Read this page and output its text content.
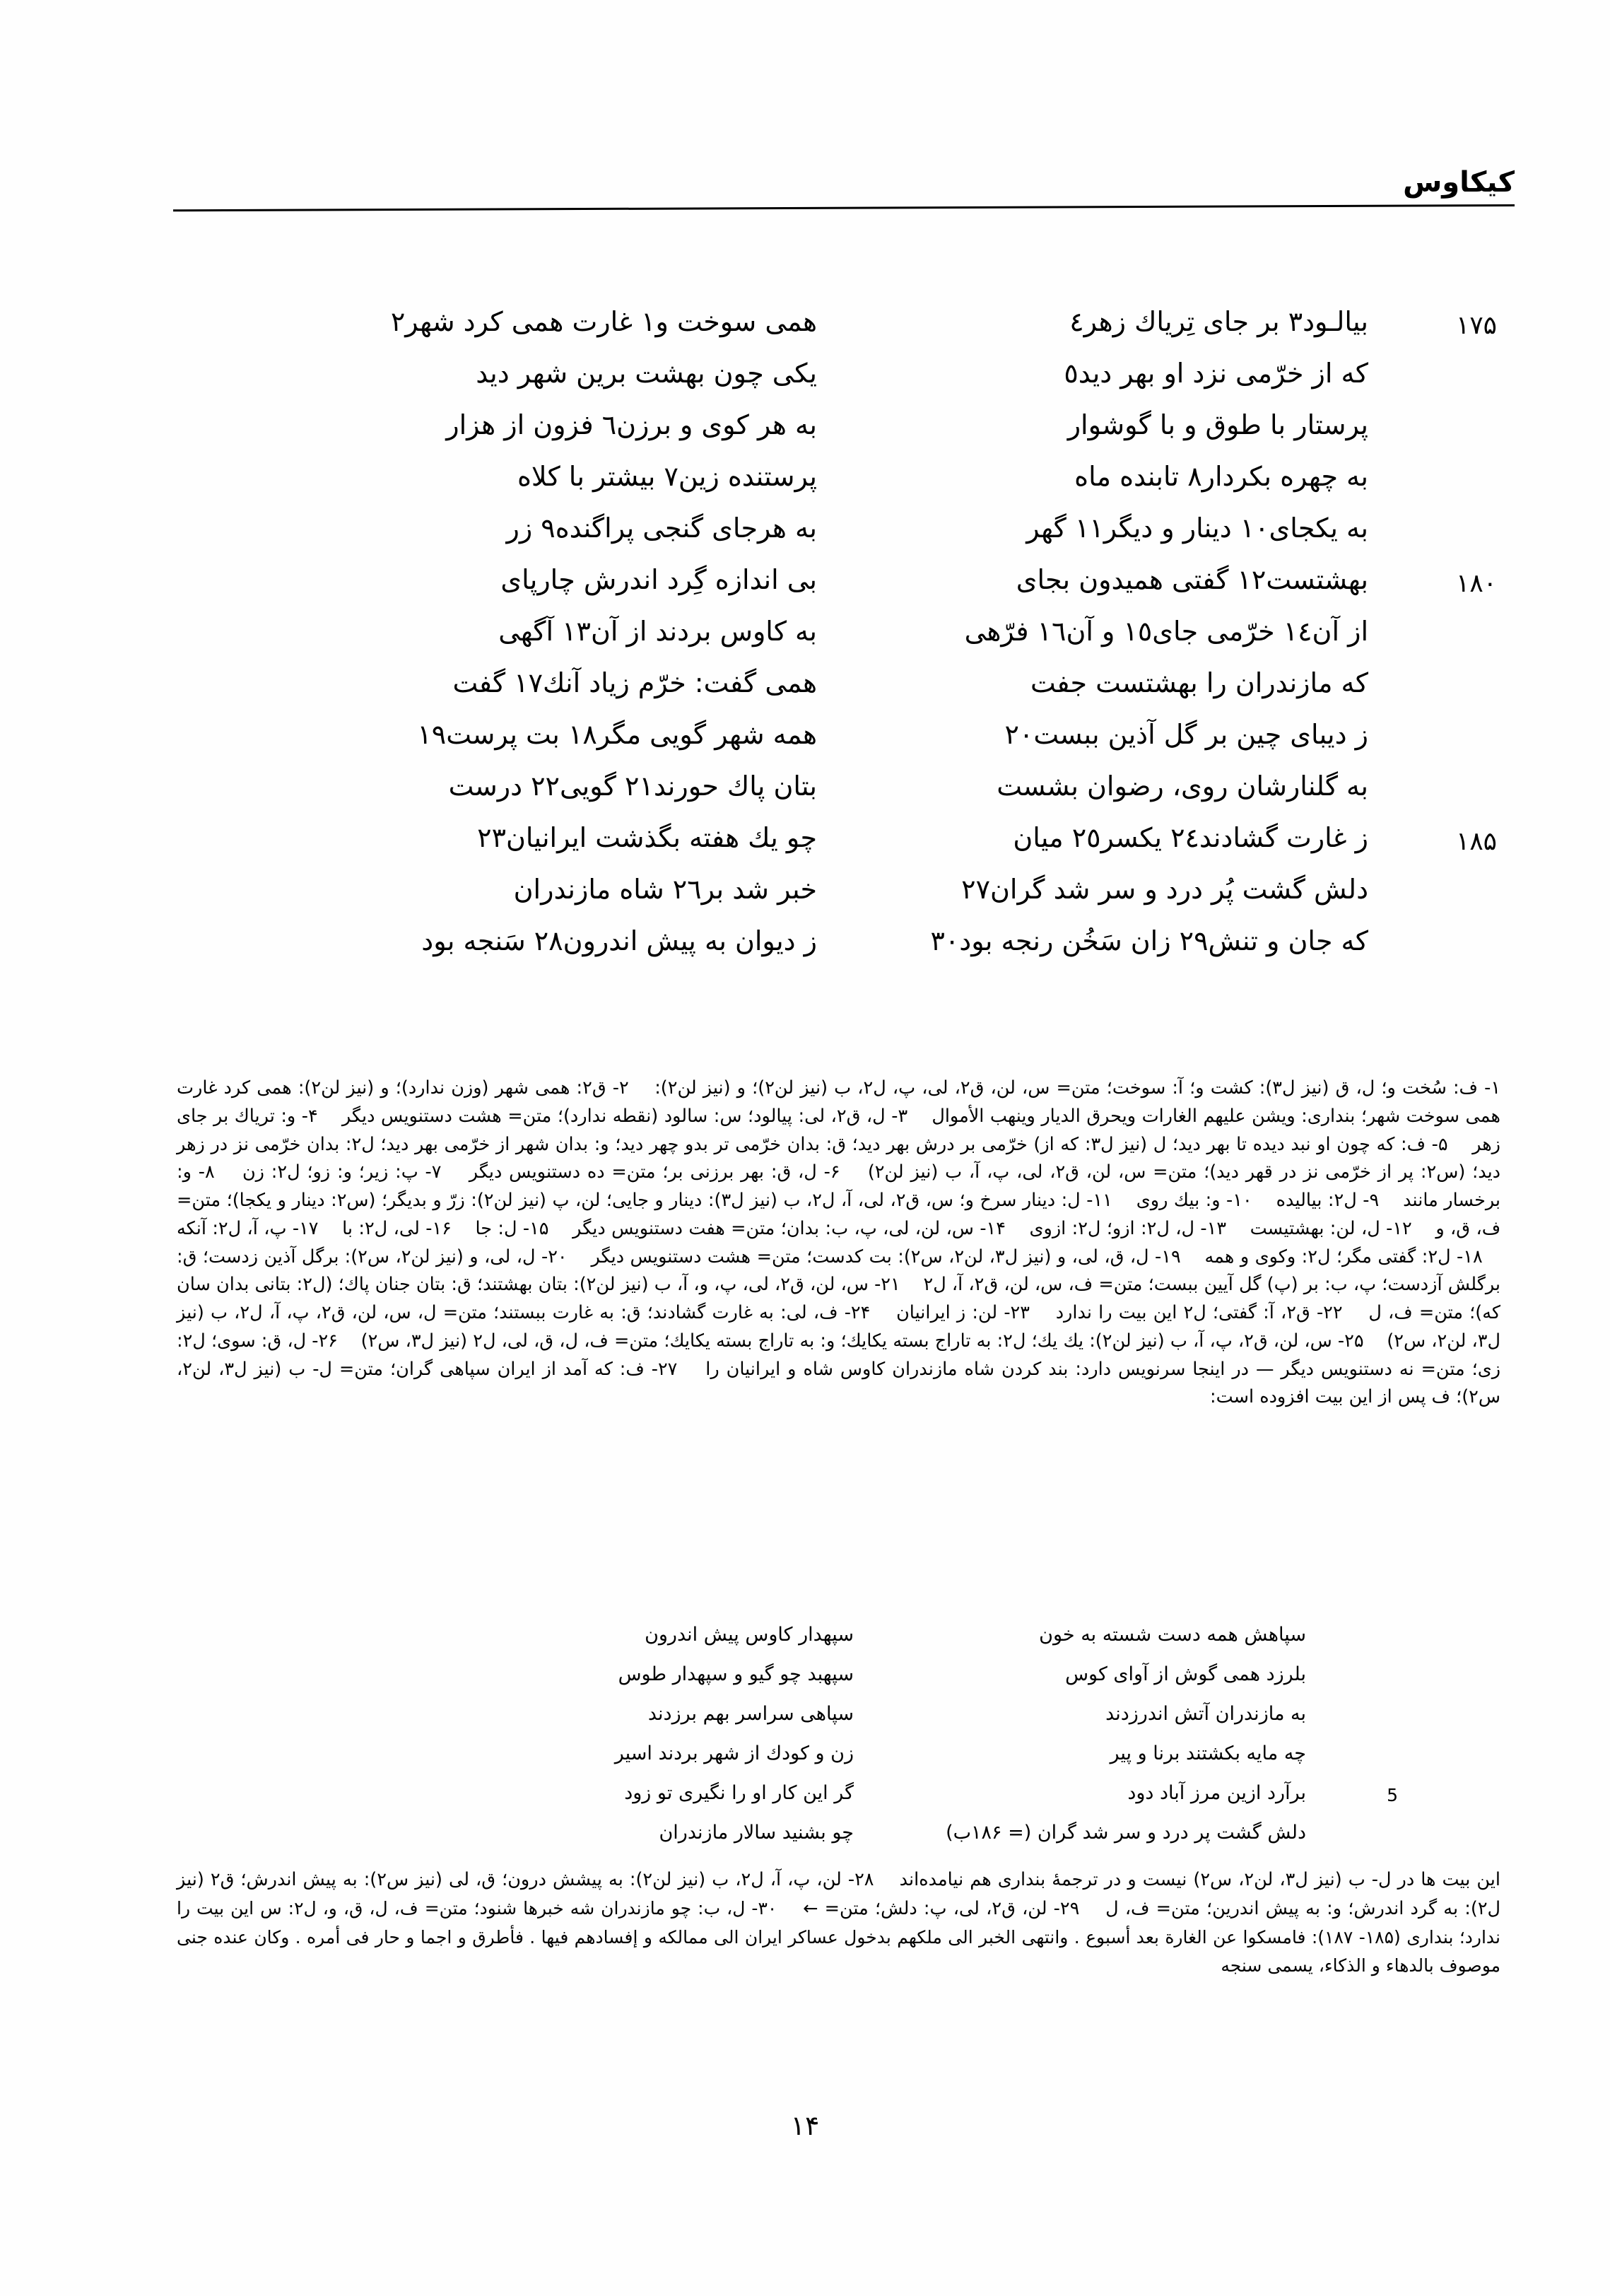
کیکاوس
۱۷۵
بیالـود٣ بر جای تِریاك زهر٤
همی سوخت و١ غارت همی کرد شهر٢
که از خرّمی نزد او بهر دید٥
یکی چون بهشت برین شهر دید
پرستار با طوق و با گوشوار
به هر کوی و برزن٦ فزون از هزار
به چهره بکردار٨ تابنده ماه
پرستنده زین٧ بیشتر با کلاه
به یکجای١٠ دینار و دیگر١١ گهر
به هرجای گنجی پراگنده٩ زر
۱۸۰
بهشتست١٢ گفتی همیدون بجای
بی اندازه گِرد اندرش چارپای
از آن١٤ خرّمی جای١٥ و آن١٦ فرّهی
به کاوس بردند از آن١٣ آگهی
که مازندران را بهشتست جفت
همی گفت: خرّم زیاد آنك١٧ گفت
ز دیبای چین بر گل آذین ببست٢٠
همه شهر گویی مگر١٨ بت پرست١٩
به گلنارشان روی، رضوان بشست
بتان پاك حورند٢١ گویی٢٢ درست
۱۸۵
ز غارت گشادند٢٤ یکسر٢٥ میان
چو یك هفته بگذشت ایرانیان٢٣
دلش گشت پُر درد و سر شد گران٢٧
خبر شد بر٢٦ شاه مازندران
که جان و تنش٢٩ زان سَخُن رنجه بود٣٠
ز دیوان به پیش اندرون٢٨ سَنجه بود
۱- ف: سُخت و؛ ل، ق (نیز ل۳): کشت و؛ آ: سوخت؛ متن= س، لن، ق۲، لی، پ، ل۲، ب (نیز لن۲)؛ و (نیز لن۲):    ۲- ق۲: همی شهر (وزن ندارد)؛ و (نیز لن۲): همی کرد غارت همی سوخت شهر؛ بنداری: ویشن علیهم الغارات ویحرق الدیار وینهب الأموال    ۳- ل، ق۲، لی: پیالود؛ س: سالود (نقطه ندارد)؛ متن= هشت دستنویس دیگر    ۴- و: تریاك بر جای زهر    ۵- ف: که چون او نبد دیده تا بهر دید؛ ل (نیز ل۳: که از) خرّمی بر درش بهر دید؛ ق: بدان خرّمی تر بدو چهر دید؛ و: بدان شهر از خرّمی بهر دید؛ ل۲: بدان خرّمی نز در زهر دید؛ (س۲: پر از خرّمی نز در قهر دید)؛ متن= س، لن، ق۲، لی، پ، آ، ب (نیز لن۲)    ۶- ل، ق: بهر برزنی بر؛ متن= ده دستنویس دیگر    ۷- پ: زیر؛ و: زو؛ ل۲: زن    ۸- و: برخسار مانند    ۹- ل۲: بیالیده    ۱۰- و: بیك روی    ۱۱- ل: دینار سرخ و؛ س، ق۲، لی، آ، ل۲، ب (نیز ل۳): دینار و جایی؛ لن، پ (نیز لن۲): زرّ و بدیگر؛ (س۲: دینار و یكجا)؛ متن= ف، ق، و    ۱۲- ل، لن: بهشتیست    ۱۳- ل، ل۲: ازو؛ ل۲: ازوی    ۱۴- س، لن، لی، پ، ب: بدان؛ متن= هفت دستنویس دیگر    ۱۵- ل: جا    ۱۶- لی، ل۲: با    ۱۷- پ، آ، ل۲: آنکه    ۱۸- ل۲: گفتی مگر؛ ل۲: وکوی و همه    ۱۹- ل، ق، لی، و (نیز ل۳، لن۲، س۲): بت کدست؛ متن= هشت دستنویس دیگر    ۲۰- ل، لی، و (نیز لن۲، س۲): برگل آذین زدست؛ ق: برگلش آزدست؛ پ، ب: بر (پ) گل آیین ببست؛ متن= ف، س، لن، ق۲، آ، ل۲    ۲۱- س، لن، ق۲، لی، پ، و، آ، ب (نیز لن۲): بتان بهشتند؛ ق: بتان جنان پاك؛ (ل۲: بتانی بدان سان که)؛ متن= ف، ل    ۲۲- ق۲، آ: گفتی؛ ل۲ این بیت را ندارد    ۲۳- لن: ز ایرانیان    ۲۴- ف، لی: به غارت گشادند؛ ق: به غارت ببستند؛ متن= ل، س، لن، ق۲، پ، آ، ل۲، ب (نیز ل۳، لن۲، س۲)    ۲۵- س، لن، ق۲، پ، آ، ب (نیز لن۲): یك یك؛ ل۲: به تاراج بسته یكایك؛ و: به تاراج بسته یكایك؛ متن= ف، ل، ق، لی، ل۲ (نیز ل۳، س۲)    ۲۶- ل، ق: سوی؛ ل۲: زی؛ متن= نه دستنویس دیگر — در اینجا سرنویس دارد: بند کردن شاه مازندران کاوس شاه و ایرانیان را    ۲۷- ف: که آمد از ایران سپاهی گران؛ متن= ل- ب (نیز ل۳، لن۲، س۲)؛ ف پس از این بیت افزوده است:
سپاهش همه دست شسته به خون
سپهدار کاوس پیش اندرون
بلرزد همی گوش از آوای کوس
سپهبد چو گیو و سپهدار طوس
به مازندران آتش اندرزدند
سپاهی سراسر بهم برزدند
چه مایه بکشتند برنا و پیر
زن و کودك از شهر بردند اسیر
5
برآرد ازین مرز آباد دود
گر این کار او را نگیری تو زود
دلش گشت پر درد و سر شد گران (= ۱۸۶ب)
چو بشنید سالار مازندران
این بیت ها در ل- ب (نیز ل۳، لن۲، س۲) نیست و در ترجمهٔ بنداری هم نیامده‌اند    ۲۸- لن، پ، آ، ل۲، ب (نیز لن۲): به پیشش درون؛ ق، لی (نیز س۲): به پیش اندرش؛ ق۲ (نیز ل۲): به گرد اندرش؛ و: به پیش اندرین؛ متن= ف، ل    ۲۹- لن، ق۲، لی، پ: دلش؛ متن= ←    ۳۰- ل، ب: چو مازندران شه خبرها شنود؛ متن= ف، ل، ق، و، ل۲: س این بیت را ندارد؛ بنداری (۱۸۵- ۱۸۷): فامسکوا عن الغارة بعد أسبوع . وانتهی الخبر الی ملکهم بدخول عساکر ایران الی ممالکه و إفسادهم فیها . فأطرق و اجما و حار فی أمره . وکان عنده جنی موصوف بالدهاء و الذکاء، یسمی سنجه
۱۴
